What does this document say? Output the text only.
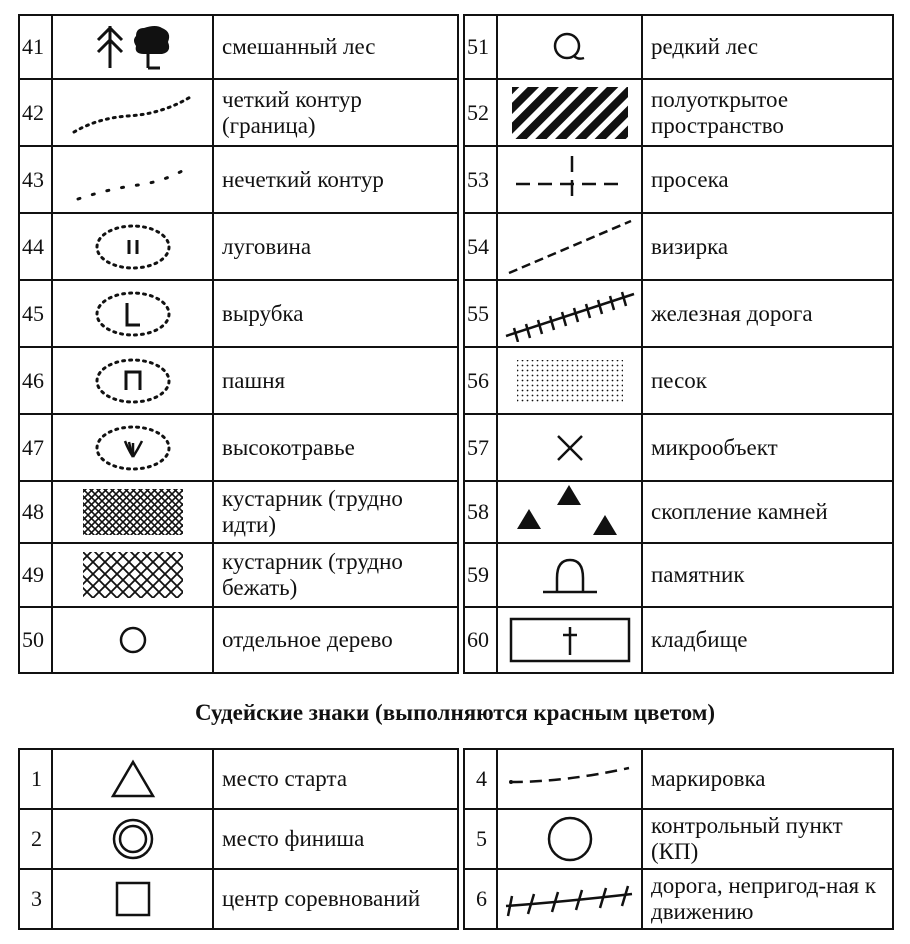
41		смешанный лес
42		четкий контур (граница)
43		нечеткий контур
44		луговина
45		вырубка
46		пашня
47		высокотравье
48		кустарник (трудно идти)
49		кустарник (трудно бежать)
50		отдельное дерево
51		редкий лес
52		полуоткрытое пространство
53		просека
54		визирка
55		железная дорога
56		песок
57		микрообъект
58		скопление камней
59		памятник
60		кладбище
Судейские знаки (выполняются красным цветом)
1		место старта
2		место финиша
3		центр соревнований
4		маркировка
5		контрольный пункт (КП)
6		дорога, непригод-ная к движению
